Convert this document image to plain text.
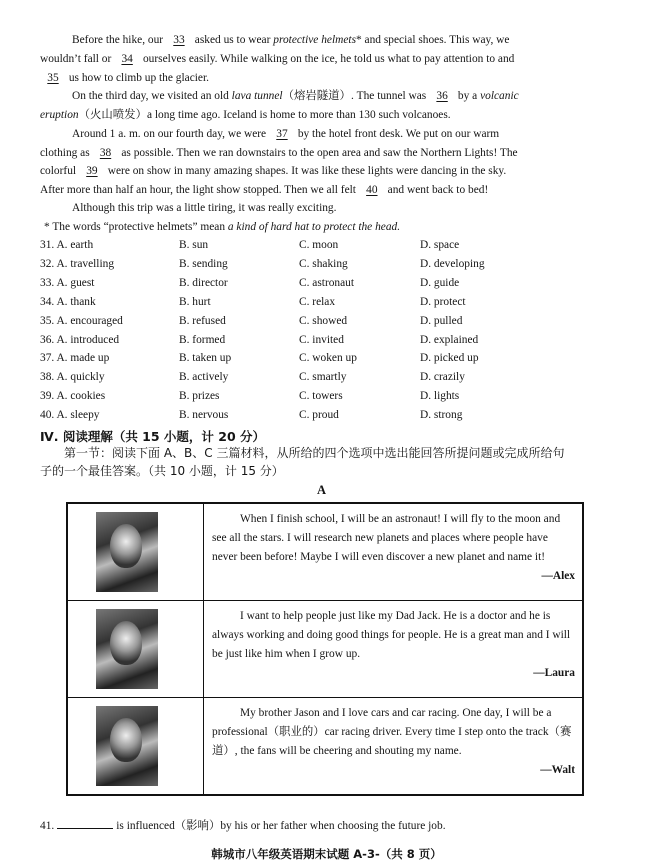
Before the hike, our 33 asked us to wear protective helmets* and special shoes. This way, we
wouldn’t fall or 34 ourselves easily. While walking on the ice, he told us what to pay attention to and
35 us how to climb up the glacier.
On the third day, we visited an old lava tunnel（熔岩隧道）. The tunnel was 36 by a volcanic
eruption（火山喷发）a long time ago. Iceland is home to more than 130 such volcanoes.
Around 1 a. m. on our fourth day, we were 37 by the hotel front desk. We put on our warm
clothing as 38 as possible. Then we ran downstairs to the open area and saw the Northern Lights! The
colorful 39 were on show in many amazing shapes. It was like these lights were dancing in the sky.
After more than half an hour, the light show stopped. Then we all felt 40 and went back to bed!
Although this trip was a little tiring, it was really exciting.
* The words “protective helmets” mean a kind of hard hat to protect the head.
31. A. earth	B. sun	C. moon	D. space
32. A. travelling	B. sending	C. shaking	D. developing
33. A. guest	B. director	C. astronaut	D. guide
34. A. thank	B. hurt	C. relax	D. protect
35. A. encouraged	B. refused	C. showed	D. pulled
36. A. introduced	B. formed	C. invited	D. explained
37. A. made up	B. taken up	C. woken up	D. picked up
38. A. quickly	B. actively	C. smartly	D. crazily
39. A. cookies	B. prizes	C. towers	D. lights
40. A. sleepy	B. nervous	C. proud	D. strong
Ⅳ. 阅读理解（共 15 小题，计 20 分）
第一节：阅读下面 A、B、C 三篇材料，从所给的四个选项中选出能回答所提问题或完成所给句
子的一个最佳答案。（共 10 小题，计 15 分）
A

	When I finish school, I will be an astronaut! I will fly to the moon and see all the stars. I will research new planets and places where people have never been before! Maybe I will even discover a new planet and name it!
—Alex

	I want to help people just like my Dad Jack. He is a doctor and he is always working and doing good things for people. He is a great man and I will be just like him when I grow up.
—Laura

	My brother Jason and I love cars and car racing. One day, I will be a professional（职业的）car racing driver. Every time I step onto the track（赛道）, the fans will be cheering and shouting my name.
—Walt
41.	is influenced（影响）by his or her father when choosing the future job.
韩城市八年级英语期末试题 A-3-（共 8 页）
